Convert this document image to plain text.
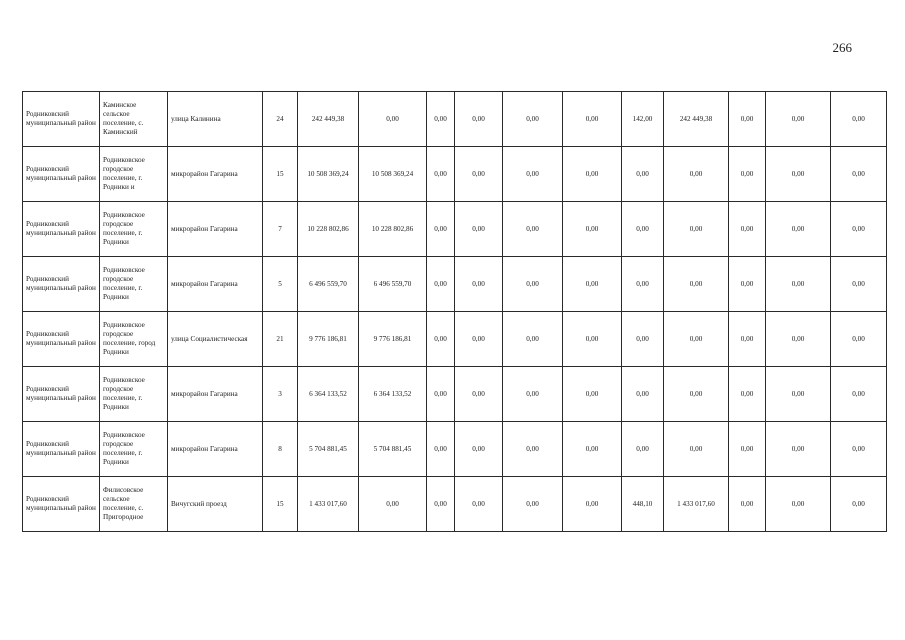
266
Родниковский муниципальный район	Каминское сельское поселение, с. Каминский	улица Калинина	24	242 449,38	0,00	0,00	0,00	0,00	0,00	142,00	242 449,38	0,00	0,00	0,00
Родниковский муниципальный район	Родниковское городское поселение, г. Родники и	микрорайон Гагарина	15	10 508 369,24	10 508 369,24	0,00	0,00	0,00	0,00	0,00	0,00	0,00	0,00	0,00
Родниковский муниципальный район	Родниковское городское поселение, г. Родники	микрорайон Гагарина	7	10 228 802,86	10 228 802,86	0,00	0,00	0,00	0,00	0,00	0,00	0,00	0,00	0,00
Родниковский муниципальный район	Родниковское городское поселение, г. Родники	микрорайон Гагарина	5	6 496 559,70	6 496 559,70	0,00	0,00	0,00	0,00	0,00	0,00	0,00	0,00	0,00
Родниковский муниципальный район	Родниковское городское поселение, город Родники	улица Социалистическая	21	9 776 186,81	9 776 186,81	0,00	0,00	0,00	0,00	0,00	0,00	0,00	0,00	0,00
Родниковский муниципальный район	Родниковское городское поселение, г. Родники	микрорайон Гагарина	3	6 364 133,52	6 364 133,52	0,00	0,00	0,00	0,00	0,00	0,00	0,00	0,00	0,00
Родниковский муниципальный район	Родниковское городское поселение, г. Родники	микрорайон Гагарина	8	5 704 881,45	5 704 881,45	0,00	0,00	0,00	0,00	0,00	0,00	0,00	0,00	0,00
Родниковский муниципальный район	Филисовское сельское поселение, с. Пригородное	Вичугский проезд	15	1 433 017,60	0,00	0,00	0,00	0,00	0,00	448,10	1 433 017,60	0,00	0,00	0,00
